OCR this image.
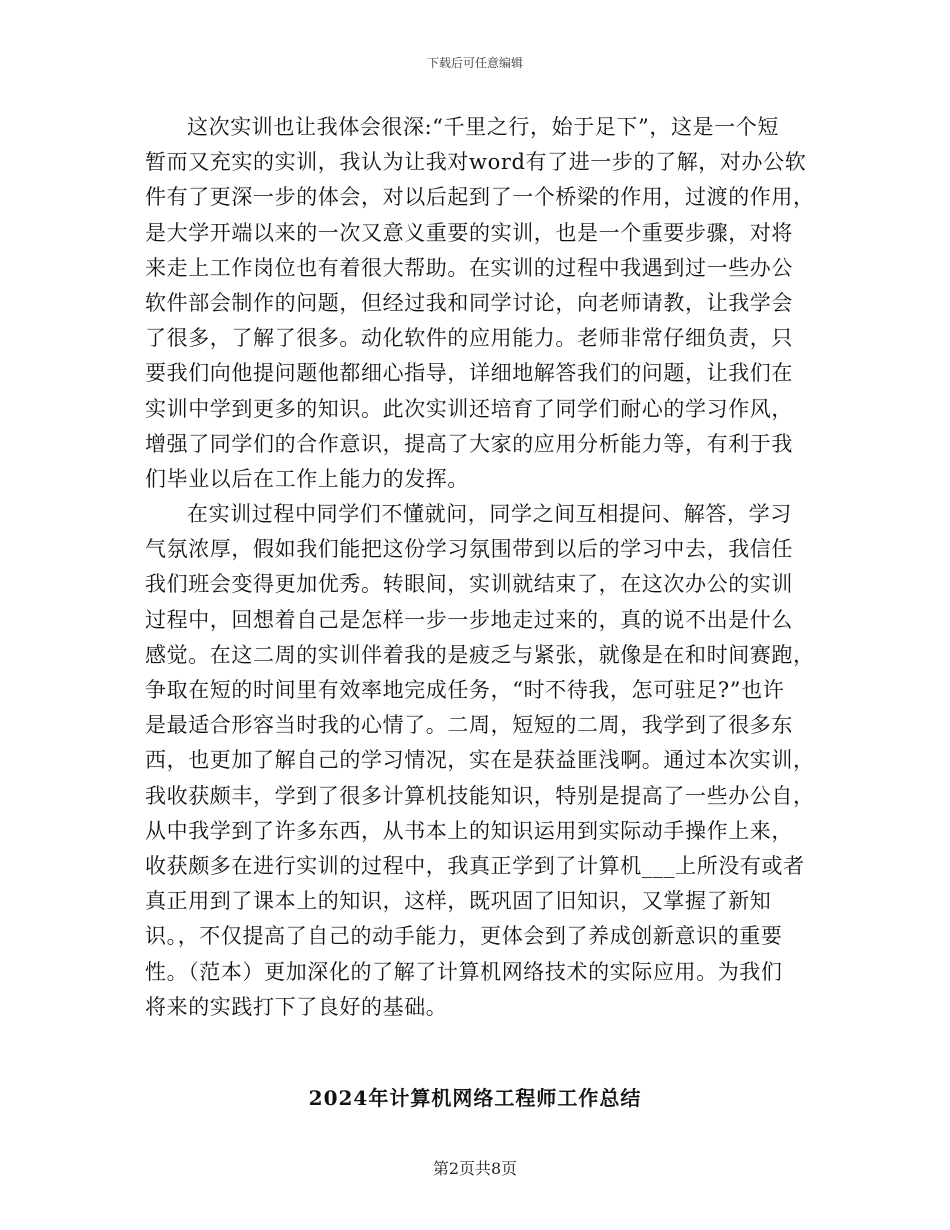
下载后可任意编辑
这次实训也让我体会很深:“千里之行，始于足下”，这是一个短
暂而又充实的实训，我认为让我对word有了进一步的了解，对办公软
件有了更深一步的体会，对以后起到了一个桥梁的作用，过渡的作用，
是大学开端以来的一次又意义重要的实训，也是一个重要步骤，对将
来走上工作岗位也有着很大帮助。在实训的过程中我遇到过一些办公
软件部会制作的问题，但经过我和同学讨论，向老师请教，让我学会
了很多，了解了很多。动化软件的应用能力。老师非常仔细负责，只
要我们向他提问题他都细心指导，详细地解答我们的问题，让我们在
实训中学到更多的知识。此次实训还培育了同学们耐心的学习作风，
增强了同学们的合作意识，提高了大家的应用分析能力等，有利于我
们毕业以后在工作上能力的发挥。
在实训过程中同学们不懂就问，同学之间互相提问、解答，学习
气氛浓厚，假如我们能把这份学习氛围带到以后的学习中去，我信任
我们班会变得更加优秀。转眼间，实训就结束了，在这次办公的实训
过程中，回想着自己是怎样一步一步地走过来的，真的说不出是什么
感觉。在这二周的实训伴着我的是疲乏与紧张，就像是在和时间赛跑，
争取在短的时间里有效率地完成任务，“时不待我，怎可驻足?”也许
是最适合形容当时我的心情了。二周，短短的二周，我学到了很多东
西，也更加了解自己的学习情况，实在是获益匪浅啊。通过本次实训，
我收获颇丰，学到了很多计算机技能知识，特别是提高了一些办公自，
从中我学到了许多东西，从书本上的知识运用到实际动手操作上来，
收获颇多在进行实训的过程中，我真正学到了计算机___上所没有或者
真正用到了课本上的知识，这样，既巩固了旧知识，又掌握了新知
识。，不仅提高了自己的动手能力，更体会到了养成创新意识的重要
性。（范本）更加深化的了解了计算机网络技术的实际应用。为我们
将来的实践打下了良好的基础。
2024年计算机网络工程师工作总结
第2页共8页
